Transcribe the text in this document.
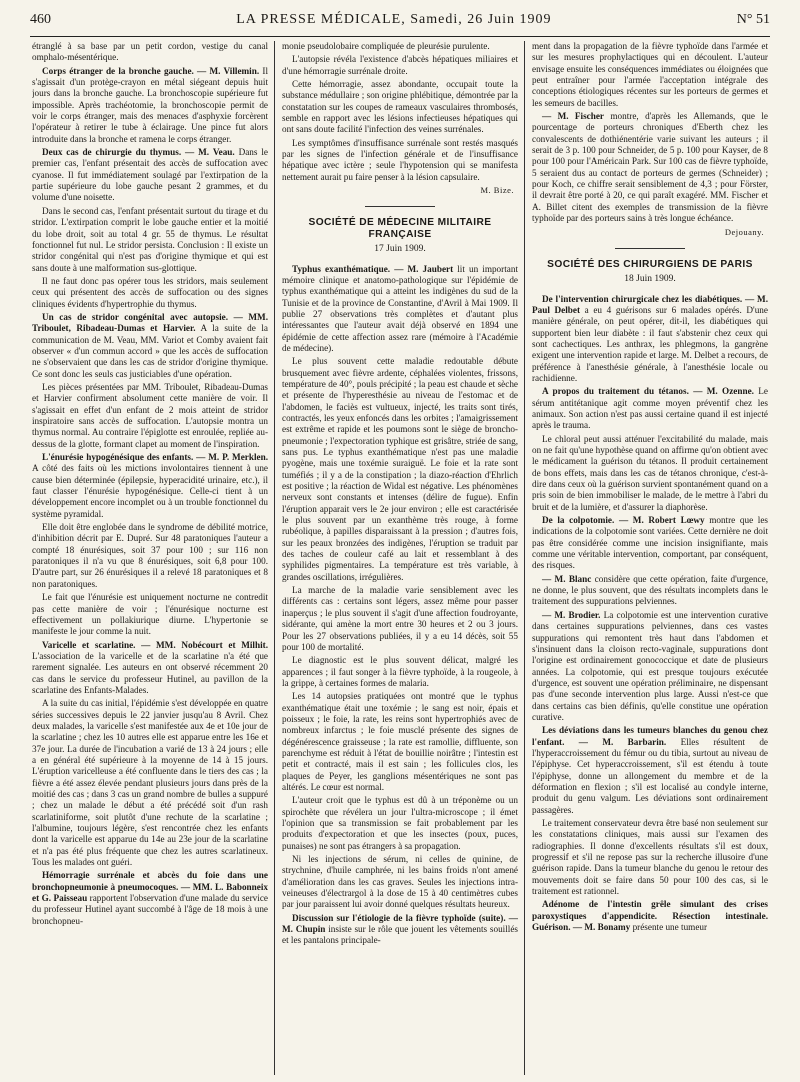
460	LA PRESSE MÉDICALE, Samedi, 26 Juin 1909	N° 51

étranglé à sa base par un petit cordon, vestige du canal omphalo-mésentérique.

Corps étranger de la bronche gauche. — M. Villemin. Il s'agissait d'un protège-crayon en métal siégeant depuis huit jours dans la bronche gauche. La bronchoscopie supérieure fut impossible. Après trachéotomie, la bronchoscopie permit de voir le corps étranger, mais des menaces d'asphyxie forcèrent l'opérateur à retirer le tube à éclairage. Une pince fut alors introduite dans la bronche et ramena le corps étranger.

Deux cas de chirurgie du thymus. — M. Veau. Dans le premier cas, l'enfant présentait des accès de suffocation avec cyanose. Il fut immédiatement soulagé par l'extirpation de la partie supérieure du lobe gauche pesant 2 grammes, et du volume d'une noisette.

Dans le second cas, l'enfant présentait surtout du tirage et du stridor. L'extirpation comprit le lobe gauche entier et la moitié du lobe droit, soit au total 4 gr. 55 de thymus. Le résultat fonctionnel fut nul. Le stridor persista. Conclusion : Il existe un stridor congénital qui n'est pas d'origine thymique et qui est sans doute à une malformation sus-glottique.

Il ne faut donc pas opérer tous les stridors, mais seulement ceux qui présentent des accès de suffocation ou des signes cliniques évidents d'hypertrophie du thymus.

Un cas de stridor congénital avec autopsie. — MM. Triboulet, Ribadeau-Dumas et Harvier. A la suite de la communication de M. Veau, MM. Variot et Comby avaient fait observer « d'un commun accord » que les accès de suffocation ne s'observaient que dans les cas de stridor d'origine thymique. Ce sont donc les seuls cas justiciables d'une opération.

Les pièces présentées par MM. Triboulet, Ribadeau-Dumas et Harvier confirment absolument cette manière de voir. Il s'agissait en effet d'un enfant de 2 mois atteint de stridor inspiratoire sans accès de suffocation. L'autopsie montra un thymus normal. Au contraire l'épiglotte est enroulée, repliée au-dessus de la glotte, formant clapet au moment de l'inspiration.

L'énurésie hypogénésique des enfants. — M. P. Merklen. A côté des faits où les mictions involontaires tiennent à une cause bien déterminée (épilepsie, hyperacidité urinaire, etc.), il faut classer l'énurésie hypogénésique. Celle-ci tient à un développement encore incomplet ou à un trouble fonctionnel du système pyramidal.

Elle doit être englobée dans le syndrome de débilité motrice, d'inhibition décrit par E. Dupré. Sur 48 paratoniques l'auteur a compté 18 énurésiques, soit 37 pour 100 ; sur 116 non paratoniques il n'a vu que 8 énurésiques, soit 6,8 pour 100. D'autre part, sur 26 énurésiques il a relevé 18 paratoniques et 8 non paratoniques.

Le fait que l'énurésie est uniquement nocturne ne contredit pas cette manière de voir ; l'énurésique nocturne est effectivement un pollakiurique diurne. L'hypertonie se manifeste le jour comme la nuit.

Varicelle et scarlatine. — MM. Nobécourt et Milhit. L'association de la varicelle et de la scarlatine n'a été que rarement signalée. Les auteurs en ont observé récemment 20 cas dans le service du professeur Hutinel, au pavillon de la scarlatine des Enfants-Malades.

A la suite du cas initial, l'épidémie s'est développée en quatre séries successives depuis le 22 janvier jusqu'au 8 Avril. Chez deux malades, la varicelle s'est manifestée aux 4e et 10e jour de la scarlatine ; chez les 10 autres elle est apparue entre les 16e et 37e jour. La durée de l'incubation a varié de 13 à 24 jours ; elle a en général été supérieure à la moyenne de 14 à 15 jours. L'éruption varicelleuse a été confluente dans le tiers des cas ; la fièvre a été assez élevée pendant plusieurs jours dans près de la moitié des cas ; dans 3 cas un grand nombre de bulles a suppuré ; chez un malade le début a été précédé soit d'un rash scarlatiniforme, soit plutôt d'une rechute de la scarlatine ; l'albumine, toujours légère, s'est rencontrée chez les enfants dont la varicelle est apparue du 14e au 23e jour de la scarlatine et n'a pas été plus fréquente que chez les autres scarlatineux. Tous les malades ont guéri.

Hémorragie surrénale et abcès du foie dans une bronchopneumonie à pneumocoques. — MM. L. Babonneix et G. Paisseau rapportent l'observation d'une malade du service du professeur Hutinel ayant succombé à l'âge de 18 mois à une bronchopneu-

monie pseudolobaire compliquée de pleurésie purulente.

L'autopsie révéla l'existence d'abcès hépatiques miliaires et d'une hémorragie surrénale droite.

Cette hémorragie, assez abondante, occupait toute la substance médullaire ; son origine phlébitique, démontrée par la constatation sur les coupes de rameaux vasculaires thrombosés, semble en rapport avec les lésions infectieuses hépatiques qui ont sans doute facilité l'infection des veines surrénales.

Les symptômes d'insuffisance surrénale sont restés masqués par les signes de l'infection générale et de l'insuffisance hépatique avec ictère ; seule l'hypotension qui se manifesta nettement aurait pu faire penser à la lésion capsulaire.

M. Bize.
SOCIÉTÉ DE MÉDECINE MILITAIRE FRANÇAISE
17 Juin 1909.

Typhus exanthématique. — M. Jaubert lit un important mémoire clinique et anatomo-pathologique sur l'épidémie de typhus exanthématique qui a atteint les indigènes du sud de la Tunisie et de la province de Constantine, d'Avril à Mai 1909. Il publie 27 observations très complètes et d'autant plus intéressantes que l'auteur avait déjà observé en 1894 une épidémie de cette affection assez rare (mémoire à l'Académie de médecine).

Le plus souvent cette maladie redoutable débute brusquement avec fièvre ardente, céphalées violentes, frissons, température de 40°, pouls précipité ; la peau est chaude et sèche et présente de l'hyperesthésie au niveau de l'estomac et de l'abdomen, le faciès est vultueux, injecté, les traits sont tirés, contractés, les yeux enfoncés dans les orbites ; l'amaigrissement est extrême et rapide et les poumons sont le siège de broncho-pneumonie ; l'expectoration typhique est grisâtre, striée de sang, sans pus. Le typhus exanthématique n'est pas une maladie pyogène, mais une toxémie suraiguë. Le foie et la rate sont tuméfiés ; il y a de la constipation ; la diazo-réaction d'Ehrlich est positive ; la réaction de Widal est négative. Les phénomènes nerveux sont constants et intenses (délire de fugue). Enfin l'éruption apparait vers le 2e jour environ ; elle est caractérisée le plus souvent par un exanthème très rouge, à forme rubéolique, à papilles disparaissant à la pression ; d'autres fois, sur les peaux bronzées des indigènes, l'éruption se traduit par des taches de couleur café au lait et ressemblant à des syphilides pigmentaires. La température est très variable, à grandes oscillations, irrégulières.

La marche de la maladie varie sensiblement avec les différents cas : certains sont légers, assez même pour passer inaperçus ; le plus souvent il s'agit d'une affection foudroyante, sidérante, qui amène la mort entre 30 heures et 2 ou 3 jours. Pour les 27 observations publiées, il y a eu 14 décès, soit 55 pour 100 de mortalité.

Le diagnostic est le plus souvent délicat, malgré les apparences ; il faut songer à la fièvre typhoïde, à la rougeole, à la grippe, à certaines formes de malaria.

Les 14 autopsies pratiquées ont montré que le typhus exanthématique était une toxémie ; le sang est noir, épais et poisseux ; le foie, la rate, les reins sont hypertrophiés avec de nombreux infarctus ; le foie musclé présente des signes de dégénérescence graisseuse ; la rate est ramollie, diffluente, son parenchyme est réduit à l'état de bouillie noirâtre ; l'intestin est petit et contracté, mais il est sain ; les follicules clos, les plaques de Peyer, les ganglions mésentériques ne sont pas altérés. Le cœur est normal.

L'auteur croit que le typhus est dû à un tréponème ou un spirochète que révélera un jour l'ultra-microscope ; il émet l'opinion que sa transmission se fait probablement par les produits d'expectoration et que les insectes (poux, puces, punaises) ne sont pas étrangers à sa propagation.

Ni les injections de sérum, ni celles de quinine, de strychnine, d'huile camphrée, ni les bains froids n'ont amené d'amélioration dans les cas graves. Seules les injections intra-veineuses d'électrargol à la dose de 15 à 40 centimètres cubes par jour paraissent lui avoir donné quelques résultats heureux.

Discussion sur l'étiologie de la fièvre typhoïde (suite). — M. Chupin insiste sur le rôle que jouent les vêtements souillés et les pantalons principale-

ment dans la propagation de la fièvre typhoïde dans l'armée et sur les mesures prophylactiques qui en découlent. L'auteur envisage ensuite les conséquences immédiates ou éloignées que peut entraîner pour l'armée l'acceptation intégrale des conceptions étiologiques récentes sur les porteurs de germes et les semeurs de bacilles.

— M. Fischer montre, d'après les Allemands, que le pourcentage de porteurs chroniques d'Eberth chez les convalescents de dothiénentérie varie suivant les auteurs ; il serait de 3 p. 100 pour Schneider, de 5 p. 100 pour Kayser, de 8 pour 100 pour l'Américain Park. Sur 100 cas de fièvre typhoïde, 5 seraient dus au contact de porteurs de germes (Schneider) ; pour Koch, ce chiffre serait sensiblement de 4,3 ; pour Förster, il devrait être porté à 20, ce qui paraît exagéré. MM. Fischer et A. Billet citent des exemples de transmission de la fièvre typhoïde par des porteurs sains à très longue échéance.

Dejouany.
SOCIÉTÉ DES CHIRURGIENS DE PARIS
18 Juin 1909.

De l'intervention chirurgicale chez les diabétiques. — M. Paul Delbet a eu 4 guérisons sur 6 malades opérés. D'une manière générale, on peut opérer, dit-il, les diabétiques qui supportent bien leur diabète : il faut s'abstenir chez ceux qui sont cachectiques. Les anthrax, les phlegmons, la gangrène exigent une intervention rapide et large. M. Delbet a recours, de préférence à l'anesthésie générale, à l'anesthésie locale ou rachidienne.

A propos du traitement du tétanos. — M. Ozenne. Le sérum antitétanique agit comme moyen préventif chez les animaux. Son action n'est pas aussi certaine quand il est injecté après le trauma.

Le chloral peut aussi atténuer l'excitabilité du malade, mais on ne fait qu'une hypothèse quand on affirme qu'on obtient avec le médicament la guérison du tétanos. Il produit certainement de bons effets, mais dans les cas de tétanos chronique, c'est-à-dire dans ceux où la guérison survient spontanément quand on a pris soin de bien immobiliser le malade, de le mettre à l'abri du bruit et de la lumière, et d'assurer la diaphorèse.

De la colpotomie. — M. Robert Lœwy montre que les indications de la colpotomie sont variées. Cette dernière ne doit pas être considérée comme une incision insignifiante, mais comme une véritable intervention, comportant, par conséquent, des risques.

— M. Blanc considère que cette opération, faite d'urgence, ne donne, le plus souvent, que des résultats incomplets dans le traitement des suppurations pelviennes.

— M. Brodier. La colpotomie est une intervention curative dans certaines suppurations pelviennes, dans ces vastes suppurations qui remontent très haut dans l'abdomen et s'insinuent dans la cloison recto-vaginale, suppurations dont l'origine est ordinairement gonococcique et date de plusieurs années. La colpotomie, qui est presque toujours exécutée d'urgence, est souvent une opération préliminaire, ne dispensant pas d'une seconde intervention plus large. Aussi n'est-ce que dans certains cas bien définis, qu'elle constitue une opération curative.

Les déviations dans les tumeurs blanches du genou chez l'enfant. — M. Barbarin. Elles résultent de l'hyperaccroissement du fémur ou du tibia, surtout au niveau de l'épiphyse. Cet hyperaccroissement, s'il est étendu à toute l'épiphyse, donne un allongement du membre et de la déformation en flexion ; s'il est localisé au condyle interne, produit du genu valgum. Les déviations sont ordinairement passagères.

Le traitement conservateur devra être basé non seulement sur les constatations cliniques, mais aussi sur l'examen des radiographies. Il donne d'excellents résultats s'il est doux, progressif et s'il ne repose pas sur la recherche illusoire d'une guérison rapide. Dans la tumeur blanche du genou le retour des mouvements doit se faire dans 50 pour 100 des cas, si le traitement est rationnel.

Adénome de l'intestin grêle simulant des crises paroxystiques d'appendicite. Résection intestinale. Guérison. — M. Bonamy présente une tumeur
